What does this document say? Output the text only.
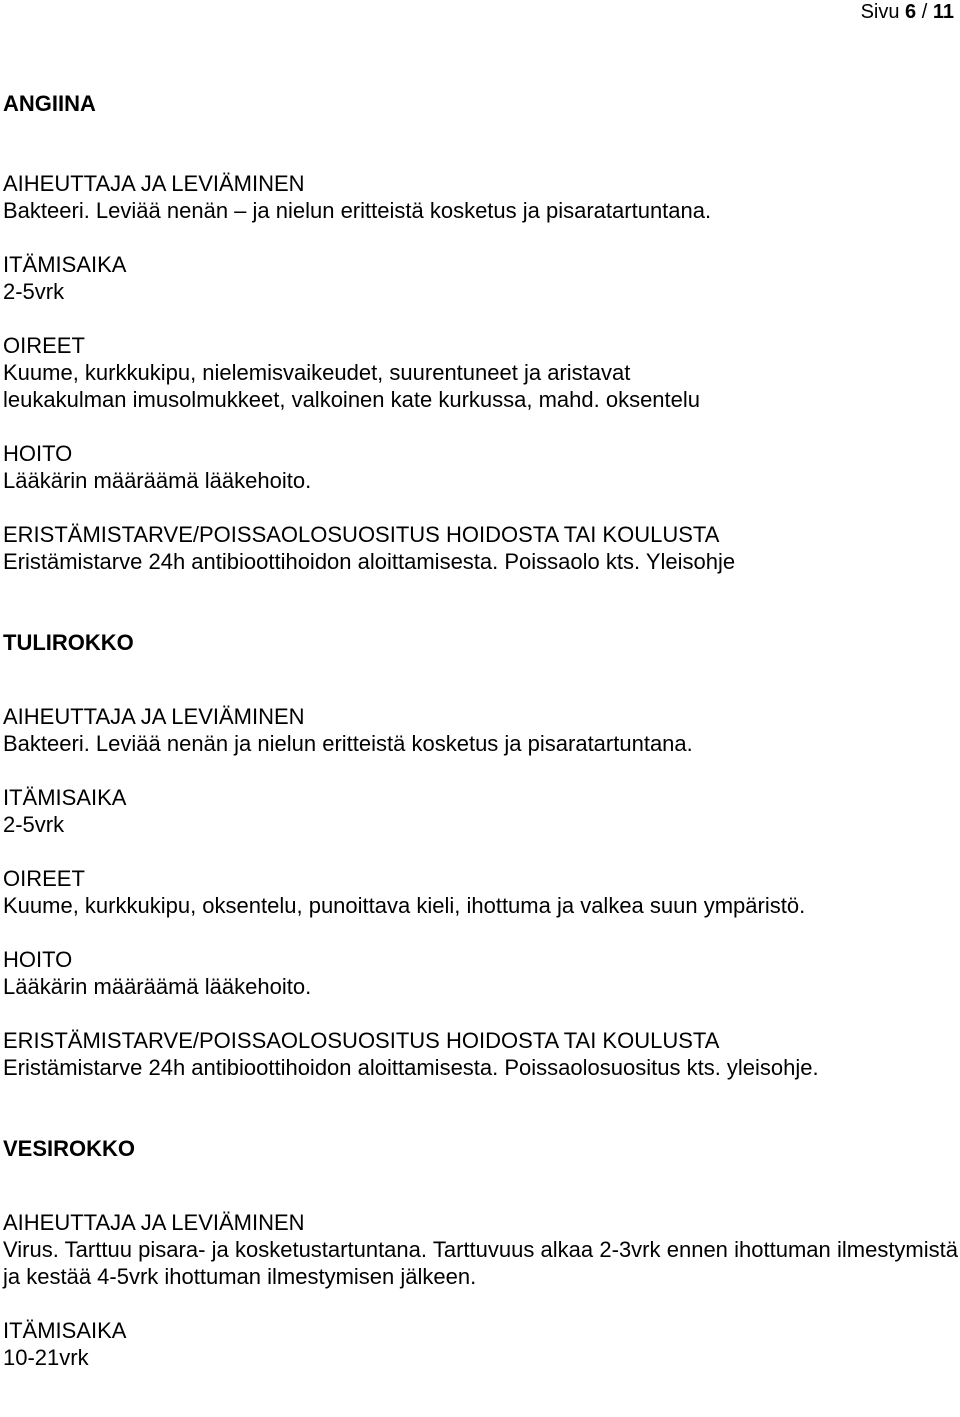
Sivu 6 / 11
ANGIINA
AIHEUTTAJA JA LEVIÄMINEN
Bakteeri. Leviää nenän – ja nielun eritteistä kosketus ja pisaratartuntana.
ITÄMISAIKA
2-5vrk
OIREET
Kuume, kurkkukipu, nielemisvaikeudet, suurentuneet ja aristavat leukakulman imusolmukkeet, valkoinen kate kurkussa, mahd. oksentelu
HOITO
Lääkärin määräämä lääkehoito.
ERISTÄMISTARVE/POISSAOLOSUOSITUS HOIDOSTA TAI KOULUSTA
Eristämistarve 24h antibioottihoidon aloittamisesta. Poissaolo kts. Yleisohje
TULIROKKO
AIHEUTTAJA JA LEVIÄMINEN
Bakteeri. Leviää nenän ja nielun eritteistä kosketus ja pisaratartuntana.
ITÄMISAIKA
2-5vrk
OIREET
Kuume, kurkkukipu, oksentelu, punoittava kieli, ihottuma ja valkea suun ympäristö.
HOITO
Lääkärin määräämä lääkehoito.
ERISTÄMISTARVE/POISSAOLOSUOSITUS HOIDOSTA TAI KOULUSTA
Eristämistarve 24h antibioottihoidon aloittamisesta. Poissaolosuositus kts. yleisohje.
VESIROKKO
AIHEUTTAJA JA LEVIÄMINEN
Virus. Tarttuu pisara- ja kosketustartuntana. Tarttuvuus alkaa 2-3vrk ennen ihottuman ilmestymistä ja kestää 4-5vrk ihottuman ilmestymisen jälkeen.
ITÄMISAIKA
10-21vrk
